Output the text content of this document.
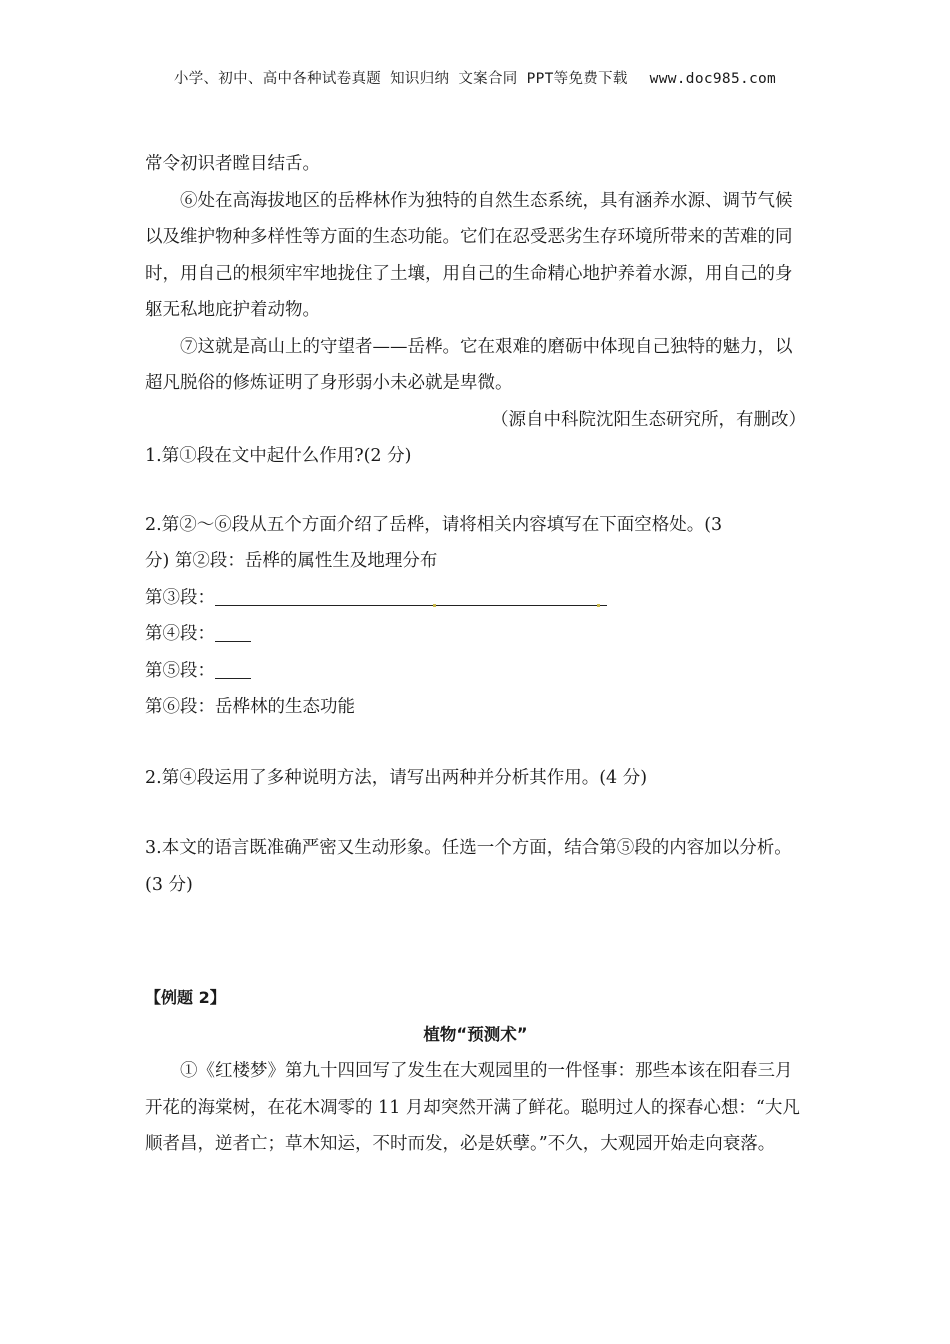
小学、初中、高中各种试卷真题 知识归纳 文案合同 PPT等免费下载 www.doc985.com

常令初识者瞠目结舌。

⑥处在高海拔地区的岳桦林作为独特的自然生态系统，具有涵养水源、调节气候以及维护物种多样性等方面的生态功能。它们在忍受恶劣生存环境所带来的苦难的同时，用自己的根须牢牢地拢住了土壤，用自己的生命精心地护养着水源，用自己的身躯无私地庇护着动物。

⑦这就是高山上的守望者——岳桦。它在艰难的磨砺中体现自己独特的魅力，以超凡脱俗的修炼证明了身形弱小未必就是卑微。

（源自中科院沈阳生态研究所，有删改）

1.第①段在文中起什么作用?(2 分)

2.第②～⑥段从五个方面介绍了岳桦，请将相关内容填写在下面空格处。(3

分) 第②段：岳桦的属性生及地理分布

第③段：

第④段：

第⑤段：

第⑥段：岳桦林的生态功能

2.第④段运用了多种说明方法，请写出两种并分析其作用。(4 分)

3.本文的语言既准确严密又生动形象。任选一个方面，结合第⑤段的内容加以分析。(3 分)

【例题 2】

植物“预测术”

①《红楼梦》第九十四回写了发生在大观园里的一件怪事：那些本该在阳春三月开花的海棠树，在花木凋零的 11 月却突然开满了鲜花。聪明过人的探春心想：“大凡顺者昌，逆者亡；草木知运，不时而发，必是妖孽。”不久，大观园开始走向衰落。
